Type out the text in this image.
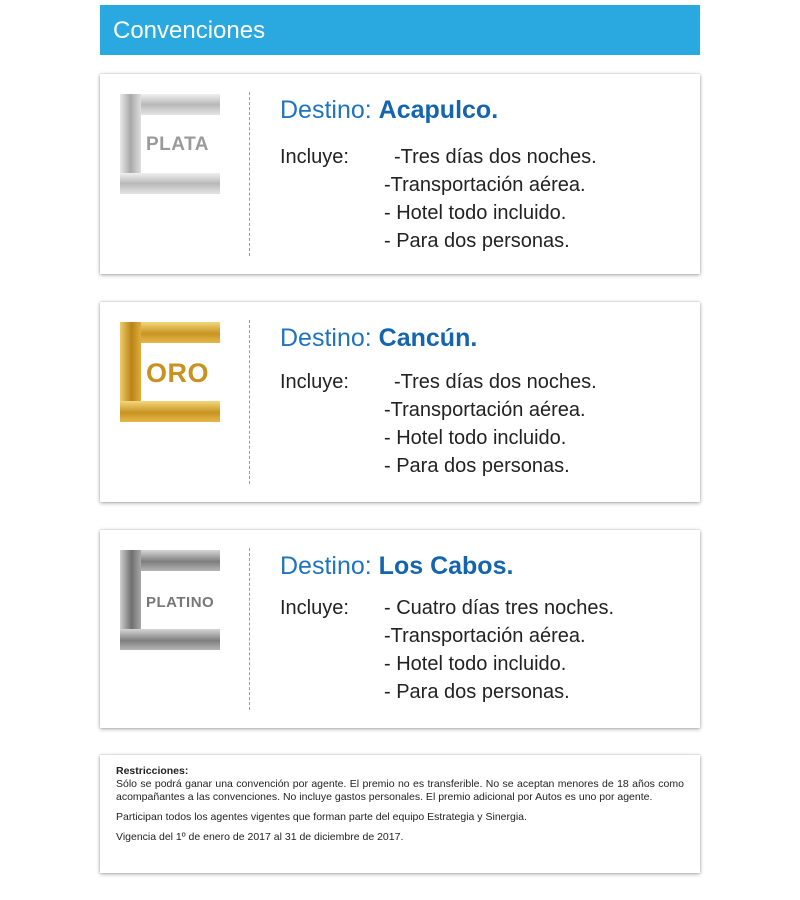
Convenciones
PLATA
Destino: Acapulco.
Incluye: -Tres días dos noches.
-Transportación aérea.
- Hotel todo incluido.
- Para dos personas.
ORO
Destino: Cancún.
Incluye: -Tres días dos noches.
-Transportación aérea.
- Hotel todo incluido.
- Para dos personas.
PLATINO
Destino: Los Cabos.
Incluye: - Cuatro días tres noches.
-Transportación aérea.
- Hotel todo incluido.
- Para dos personas.
Restricciones:

Sólo se podrá ganar una convención por agente. El premio no es transferible. No se aceptan menores de 18 años como acompañantes a las convenciones. No incluye gastos personales. El premio adicional por Autos es uno por agente.

Participan todos los agentes vigentes que forman parte del equipo Estrategia y Sinergia.

Vigencia del 1º de enero de 2017 al 31 de diciembre de 2017.
